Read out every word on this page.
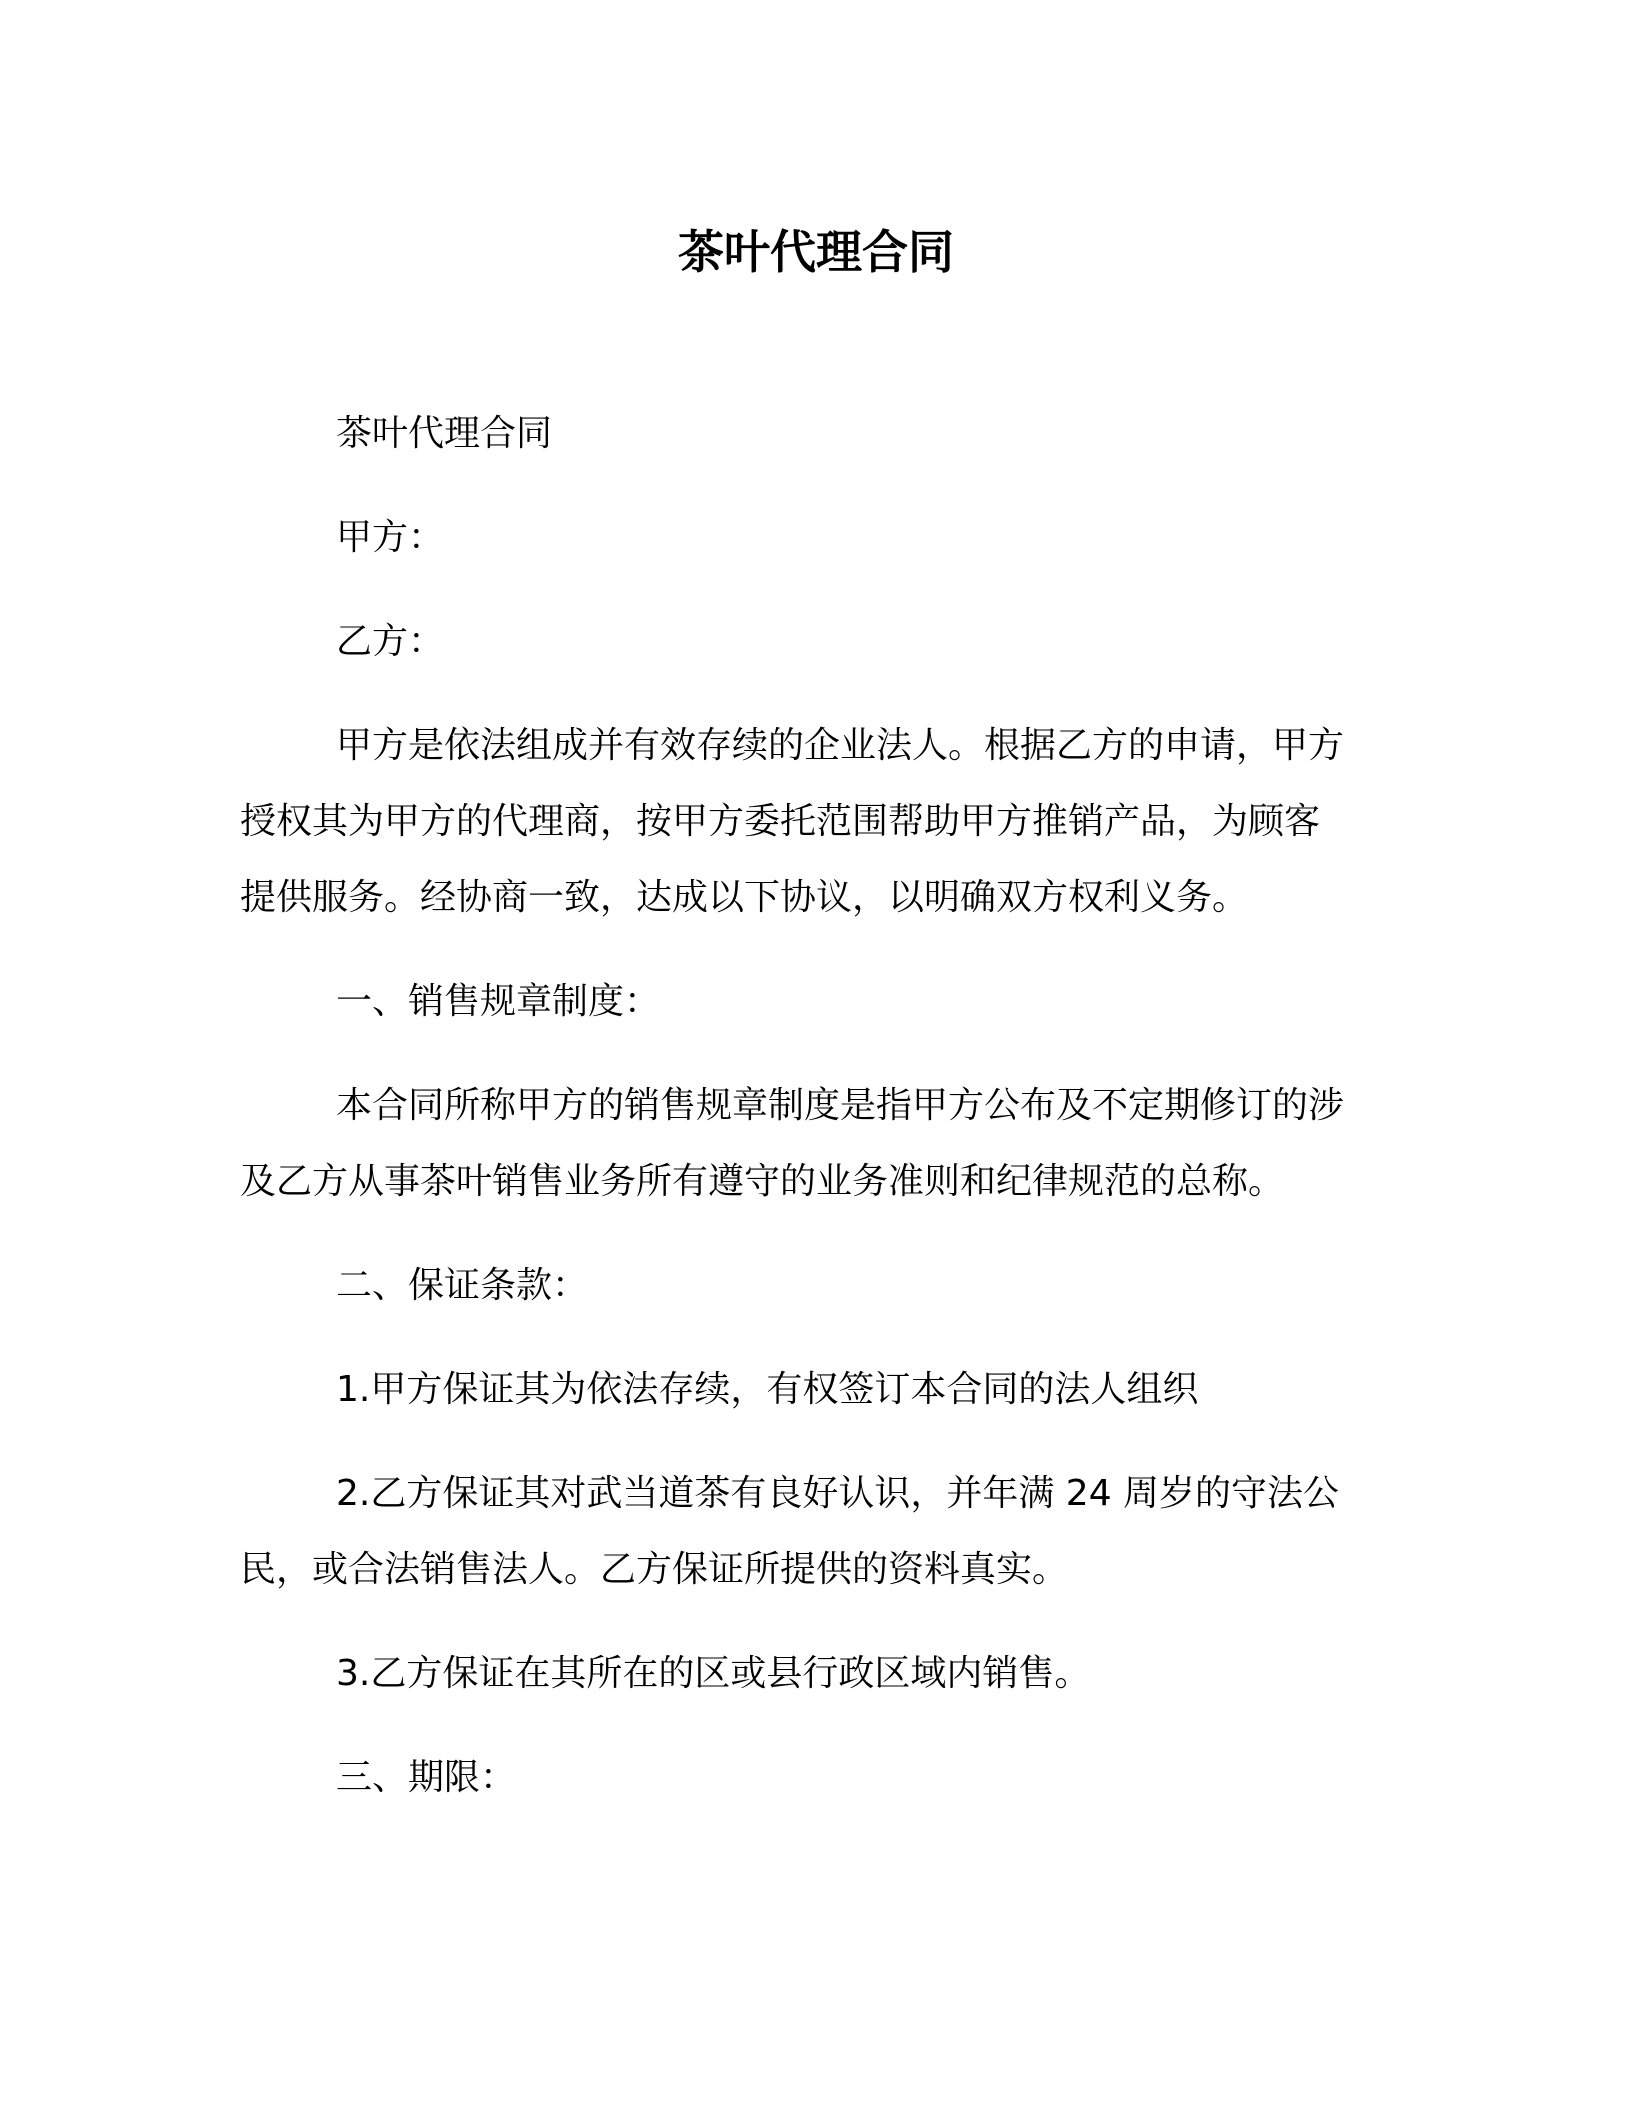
茶叶代理合同

茶叶代理合同

甲方：

乙方：

甲方是依法组成并有效存续的企业法人。根据乙方的申请，甲方
授权其为甲方的代理商，按甲方委托范围帮助甲方推销产品，为顾客
提供服务。经协商一致，达成以下协议，以明确双方权利义务。

一、销售规章制度：

本合同所称甲方的销售规章制度是指甲方公布及不定期修订的涉
及乙方从事茶叶销售业务所有遵守的业务准则和纪律规范的总称。

二、保证条款：

1.甲方保证其为依法存续，有权签订本合同的法人组织

2.乙方保证其对武当道茶有良好认识，并年满 24 周岁的守法公
民，或合法销售法人。乙方保证所提供的资料真实。

3.乙方保证在其所在的区或县行政区域内销售。

三、期限：
